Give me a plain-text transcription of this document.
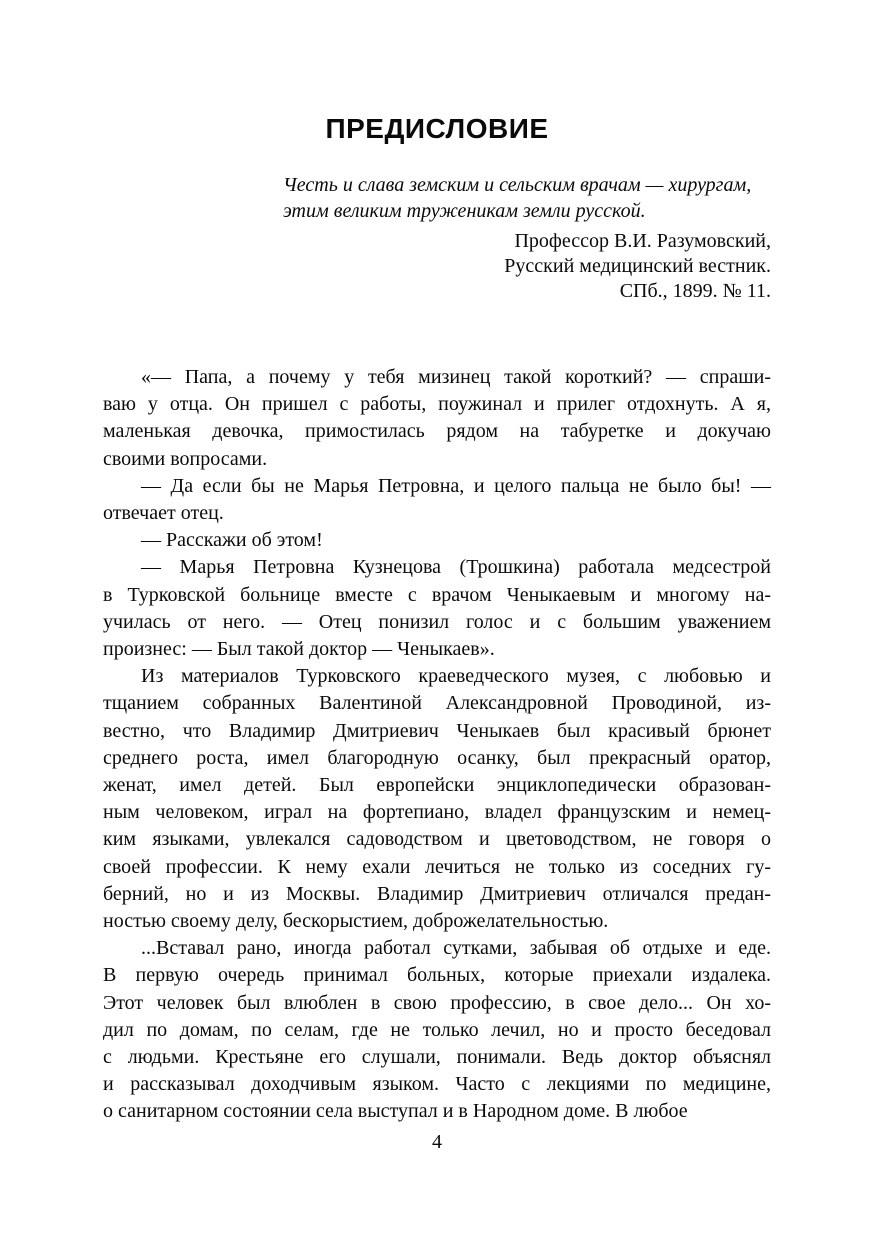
ПРЕДИСЛОВИЕ
Честь и слава земским и сельским врачам — хирургам,
этим великим труженикам земли русской.
Профессор В.И. Разумовский,
Русский медицинский вестник.
СПб., 1899. № 11.
«— Папа, а почему у тебя мизинец такой короткий? — спраши-
ваю у отца. Он пришел с работы, поужинал и прилег отдохнуть. А я,
маленькая девочка, примостилась рядом на табуретке и докучаю
своими вопросами.
— Да если бы не Марья Петровна, и целого пальца не было бы! —
отвечает отец.
— Расскажи об этом!
— Марья Петровна Кузнецова (Трошкина) работала медсестрой
в Турковской больнице вместе с врачом Ченыкаевым и многому на-
училась от него. — Отец понизил голос и с большим уважением
произнес: — Был такой доктор — Ченыкаев».
Из материалов Турковского краеведческого музея, с любовью и
тщанием собранных Валентиной Александровной Проводиной, из-
вестно, что Владимир Дмитриевич Ченыкаев был красивый брюнет
среднего роста, имел благородную осанку, был прекрасный оратор,
женат, имел детей. Был европейски энциклопедически образован-
ным человеком, играл на фортепиано, владел французским и немец-
ким языками, увлекался садоводством и цветоводством, не говоря о
своей профессии. К нему ехали лечиться не только из соседних гу-
берний, но и из Москвы. Владимир Дмитриевич отличался предан-
ностью своему делу, бескорыстием, доброжелательностью.
...Вставал рано, иногда работал сутками, забывая об отдыхе и еде.
В первую очередь принимал больных, которые приехали издалека.
Этот человек был влюблен в свою профессию, в свое дело... Он хо-
дил по домам, по селам, где не только лечил, но и просто беседовал
с людьми. Крестьяне его слушали, понимали. Ведь доктор объяснял
и рассказывал доходчивым языком. Часто с лекциями по медицине,
о санитарном состоянии села выступал и в Народном доме. В любое
4
